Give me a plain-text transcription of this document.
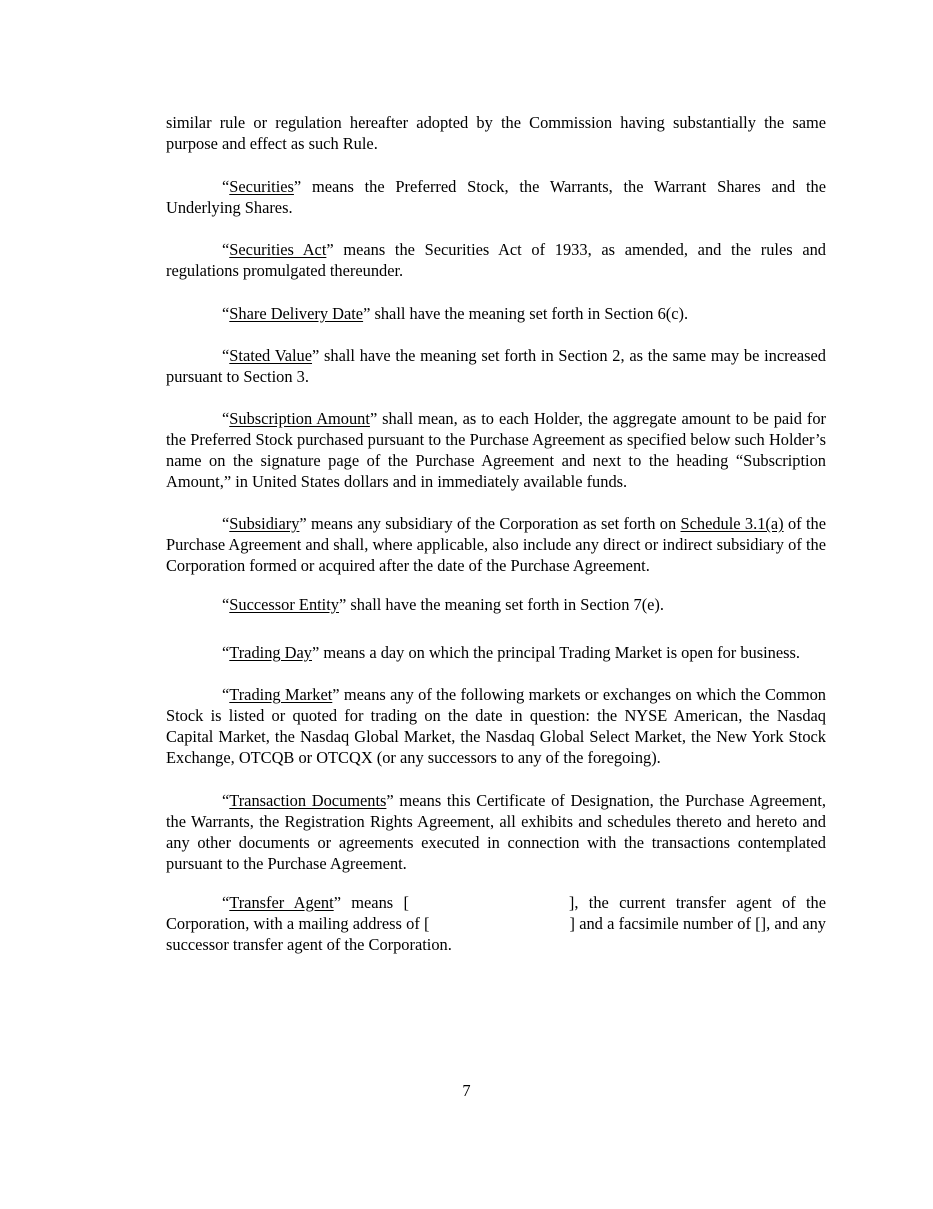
similar rule or regulation hereafter adopted by the Commission having substantially the same purpose and effect as such Rule.

“Securities” means the Preferred Stock, the Warrants, the Warrant Shares and the Underlying Shares.

“Securities Act” means the Securities Act of 1933, as amended, and the rules and regulations promulgated thereunder.

“Share Delivery Date” shall have the meaning set forth in Section 6(c).

“Stated Value” shall have the meaning set forth in Section 2, as the same may be increased pursuant to Section 3.

“Subscription Amount” shall mean, as to each Holder, the aggregate amount to be paid for the Preferred Stock purchased pursuant to the Purchase Agreement as specified below such Holder’s name on the signature page of the Purchase Agreement and next to the heading “Subscription Amount,” in United States dollars and in immediately available funds.

“Subsidiary” means any subsidiary of the Corporation as set forth on Schedule 3.1(a) of the Purchase Agreement and shall, where applicable, also include any direct or indirect subsidiary of the Corporation formed or acquired after the date of the Purchase Agreement.

“Successor Entity” shall have the meaning set forth in Section 7(e).

“Trading Day” means a day on which the principal Trading Market is open for business.

“Trading Market” means any of the following markets or exchanges on which the Common Stock is listed or quoted for trading on the date in question: the NYSE American, the Nasdaq Capital Market, the Nasdaq Global Market, the Nasdaq Global Select Market, the New York Stock Exchange, OTCQB or OTCQX (or any successors to any of the foregoing).

“Transaction Documents” means this Certificate of Designation, the Purchase Agreement, the Warrants, the Registration Rights Agreement, all exhibits and schedules thereto and hereto and any other documents or agreements executed in connection with the transactions contemplated pursuant to the Purchase Agreement.

“Transfer Agent” means [	], the current transfer agent of the Corporation, with a mailing address of [	] and a facsimile number of [], and any successor transfer agent of the Corporation.

7
